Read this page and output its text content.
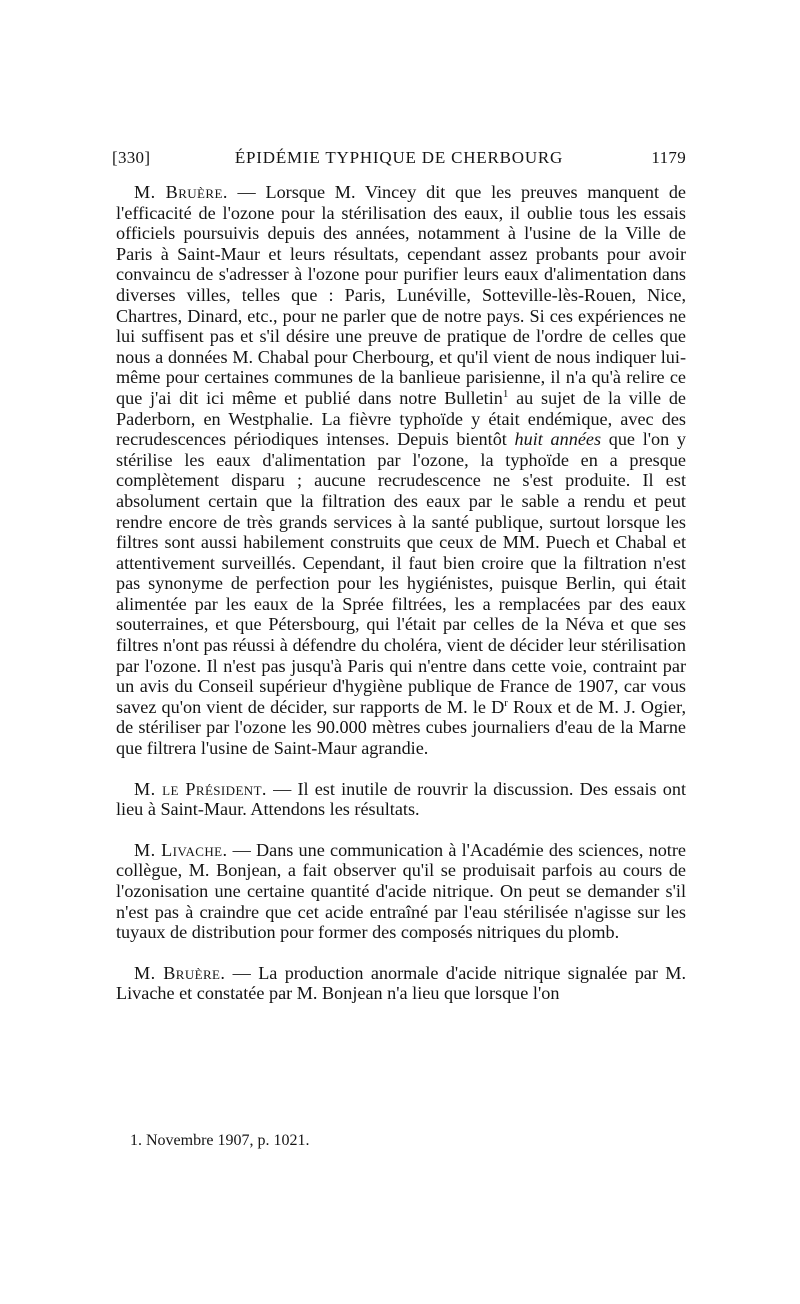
[330]	ÉPIDÉMIE TYPHIQUE DE CHERBOURG	1179

M. Bruère. — Lorsque M. Vincey dit que les preuves manquent de l'efficacité de l'ozone pour la stérilisation des eaux, il oublie tous les essais officiels poursuivis depuis des années, notamment à l'usine de la Ville de Paris à Saint-Maur et leurs résultats, cependant assez probants pour avoir convaincu de s'adresser à l'ozone pour purifier leurs eaux d'alimentation dans diverses villes, telles que : Paris, Lunéville, Sotteville-lès-Rouen, Nice, Chartres, Dinard, etc., pour ne parler que de notre pays. Si ces expériences ne lui suffisent pas et s'il désire une preuve de pratique de l'ordre de celles que nous a données M. Chabal pour Cherbourg, et qu'il vient de nous indiquer lui-même pour certaines communes de la banlieue parisienne, il n'a qu'à relire ce que j'ai dit ici même et publié dans notre Bulletin$^1$ au sujet de la ville de Paderborn, en Westphalie. La fièvre typhoïde y était endémique, avec des recrudescences périodiques intenses. Depuis bientôt huit années que l'on y stérilise les eaux d'alimentation par l'ozone, la typhoïde en a presque complètement disparu ; aucune recrudescence ne s'est produite. Il est absolument certain que la filtration des eaux par le sable a rendu et peut rendre encore de très grands services à la santé publique, surtout lorsque les filtres sont aussi habilement construits que ceux de MM. Puech et Chabal et attentivement surveillés. Cependant, il faut bien croire que la filtration n'est pas synonyme de perfection pour les hygiénistes, puisque Berlin, qui était alimentée par les eaux de la Sprée filtrées, les a remplacées par des eaux souterraines, et que Pétersbourg, qui l'était par celles de la Néva et que ses filtres n'ont pas réussi à défendre du choléra, vient de décider leur stérilisation par l'ozone. Il n'est pas jusqu'à Paris qui n'entre dans cette voie, contraint par un avis du Conseil supérieur d'hygiène publique de France de 1907, car vous savez qu'on vient de décider, sur rapports de M. le $D^r$ Roux et de M. J. Ogier, de stériliser par l'ozone les 90.000 mètres cubes journaliers d'eau de la Marne que filtrera l'usine de Saint-Maur agrandie.

M. le Président. — Il est inutile de rouvrir la discussion. Des essais ont lieu à Saint-Maur. Attendons les résultats.

M. Livache. — Dans une communication à l'Académie des sciences, notre collègue, M. Bonjean, a fait observer qu'il se produisait parfois au cours de l'ozonisation une certaine quantité d'acide nitrique. On peut se demander s'il n'est pas à craindre que cet acide entraîné par l'eau stérilisée n'agisse sur les tuyaux de distribution pour former des composés nitriques du plomb.

M. Bruère. — La production anormale d'acide nitrique signalée par M. Livache et constatée par M. Bonjean n'a lieu que lorsque l'on

1. Novembre 1907, p. 1021.
